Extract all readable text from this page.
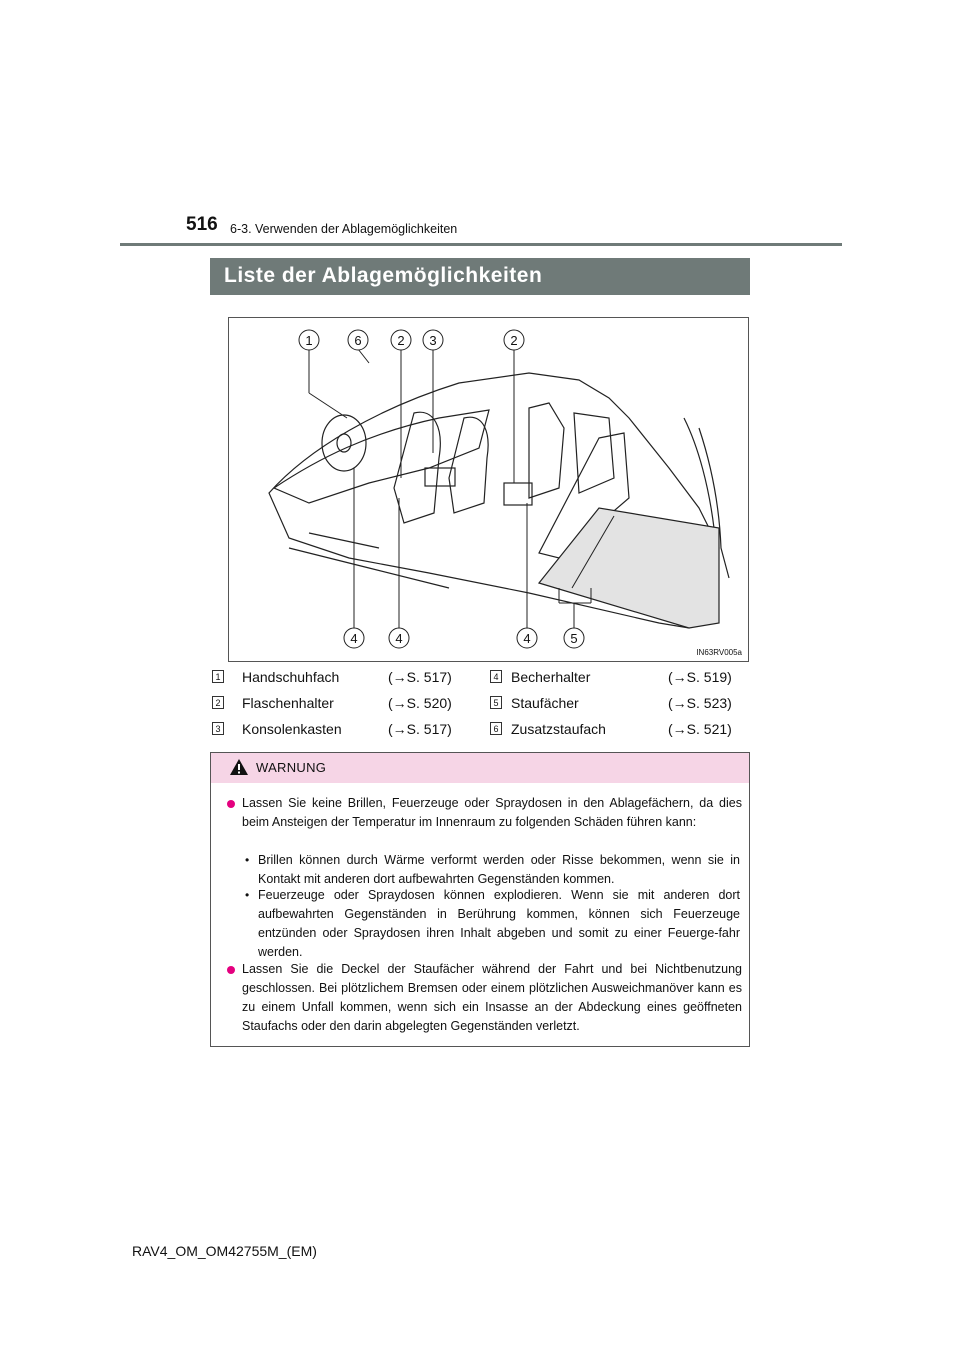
516 6-3. Verwenden der Ablagemöglichkeiten
Liste der Ablagemöglichkeiten
1	6	2 3	2
4	4	4	5
IN63RV005a
1 Handschuhfach	(→S. 517)
2 Flaschenhalter	(→S. 520)
3 Konsolenkasten	(→S. 517)
4 Becherhalter	(→S. 519)
5 Staufächer	(→S. 523)
6 Zusatzstaufach	(→S. 521)
WARNUNG
Lassen Sie keine Brillen, Feuerzeuge oder Spraydosen in den Ablagefächern, da dies beim Ansteigen der Temperatur im Innenraum zu folgenden Schäden führen kann:
• Brillen können durch Wärme verformt werden oder Risse bekommen, wenn sie in Kontakt mit anderen dort aufbewahrten Gegenständen kommen.
• Feuerzeuge oder Spraydosen können explodieren. Wenn sie mit anderen dort aufbewahrten Gegenständen in Berührung kommen, können sich Feuerzeuge entzünden oder Spraydosen ihren Inhalt abgeben und somit zu einer Feuerge-fahr werden.
Lassen Sie die Deckel der Staufächer während der Fahrt und bei Nichtbenutzung geschlossen. Bei plötzlichem Bremsen oder einem plötzlichen Ausweichmanöver kann es zu einem Unfall kommen, wenn sich ein Insasse an der Abdeckung eines geöffneten Staufachs oder den darin abgelegten Gegenständen verletzt.
RAV4_OM_OM42755M_(EM)
